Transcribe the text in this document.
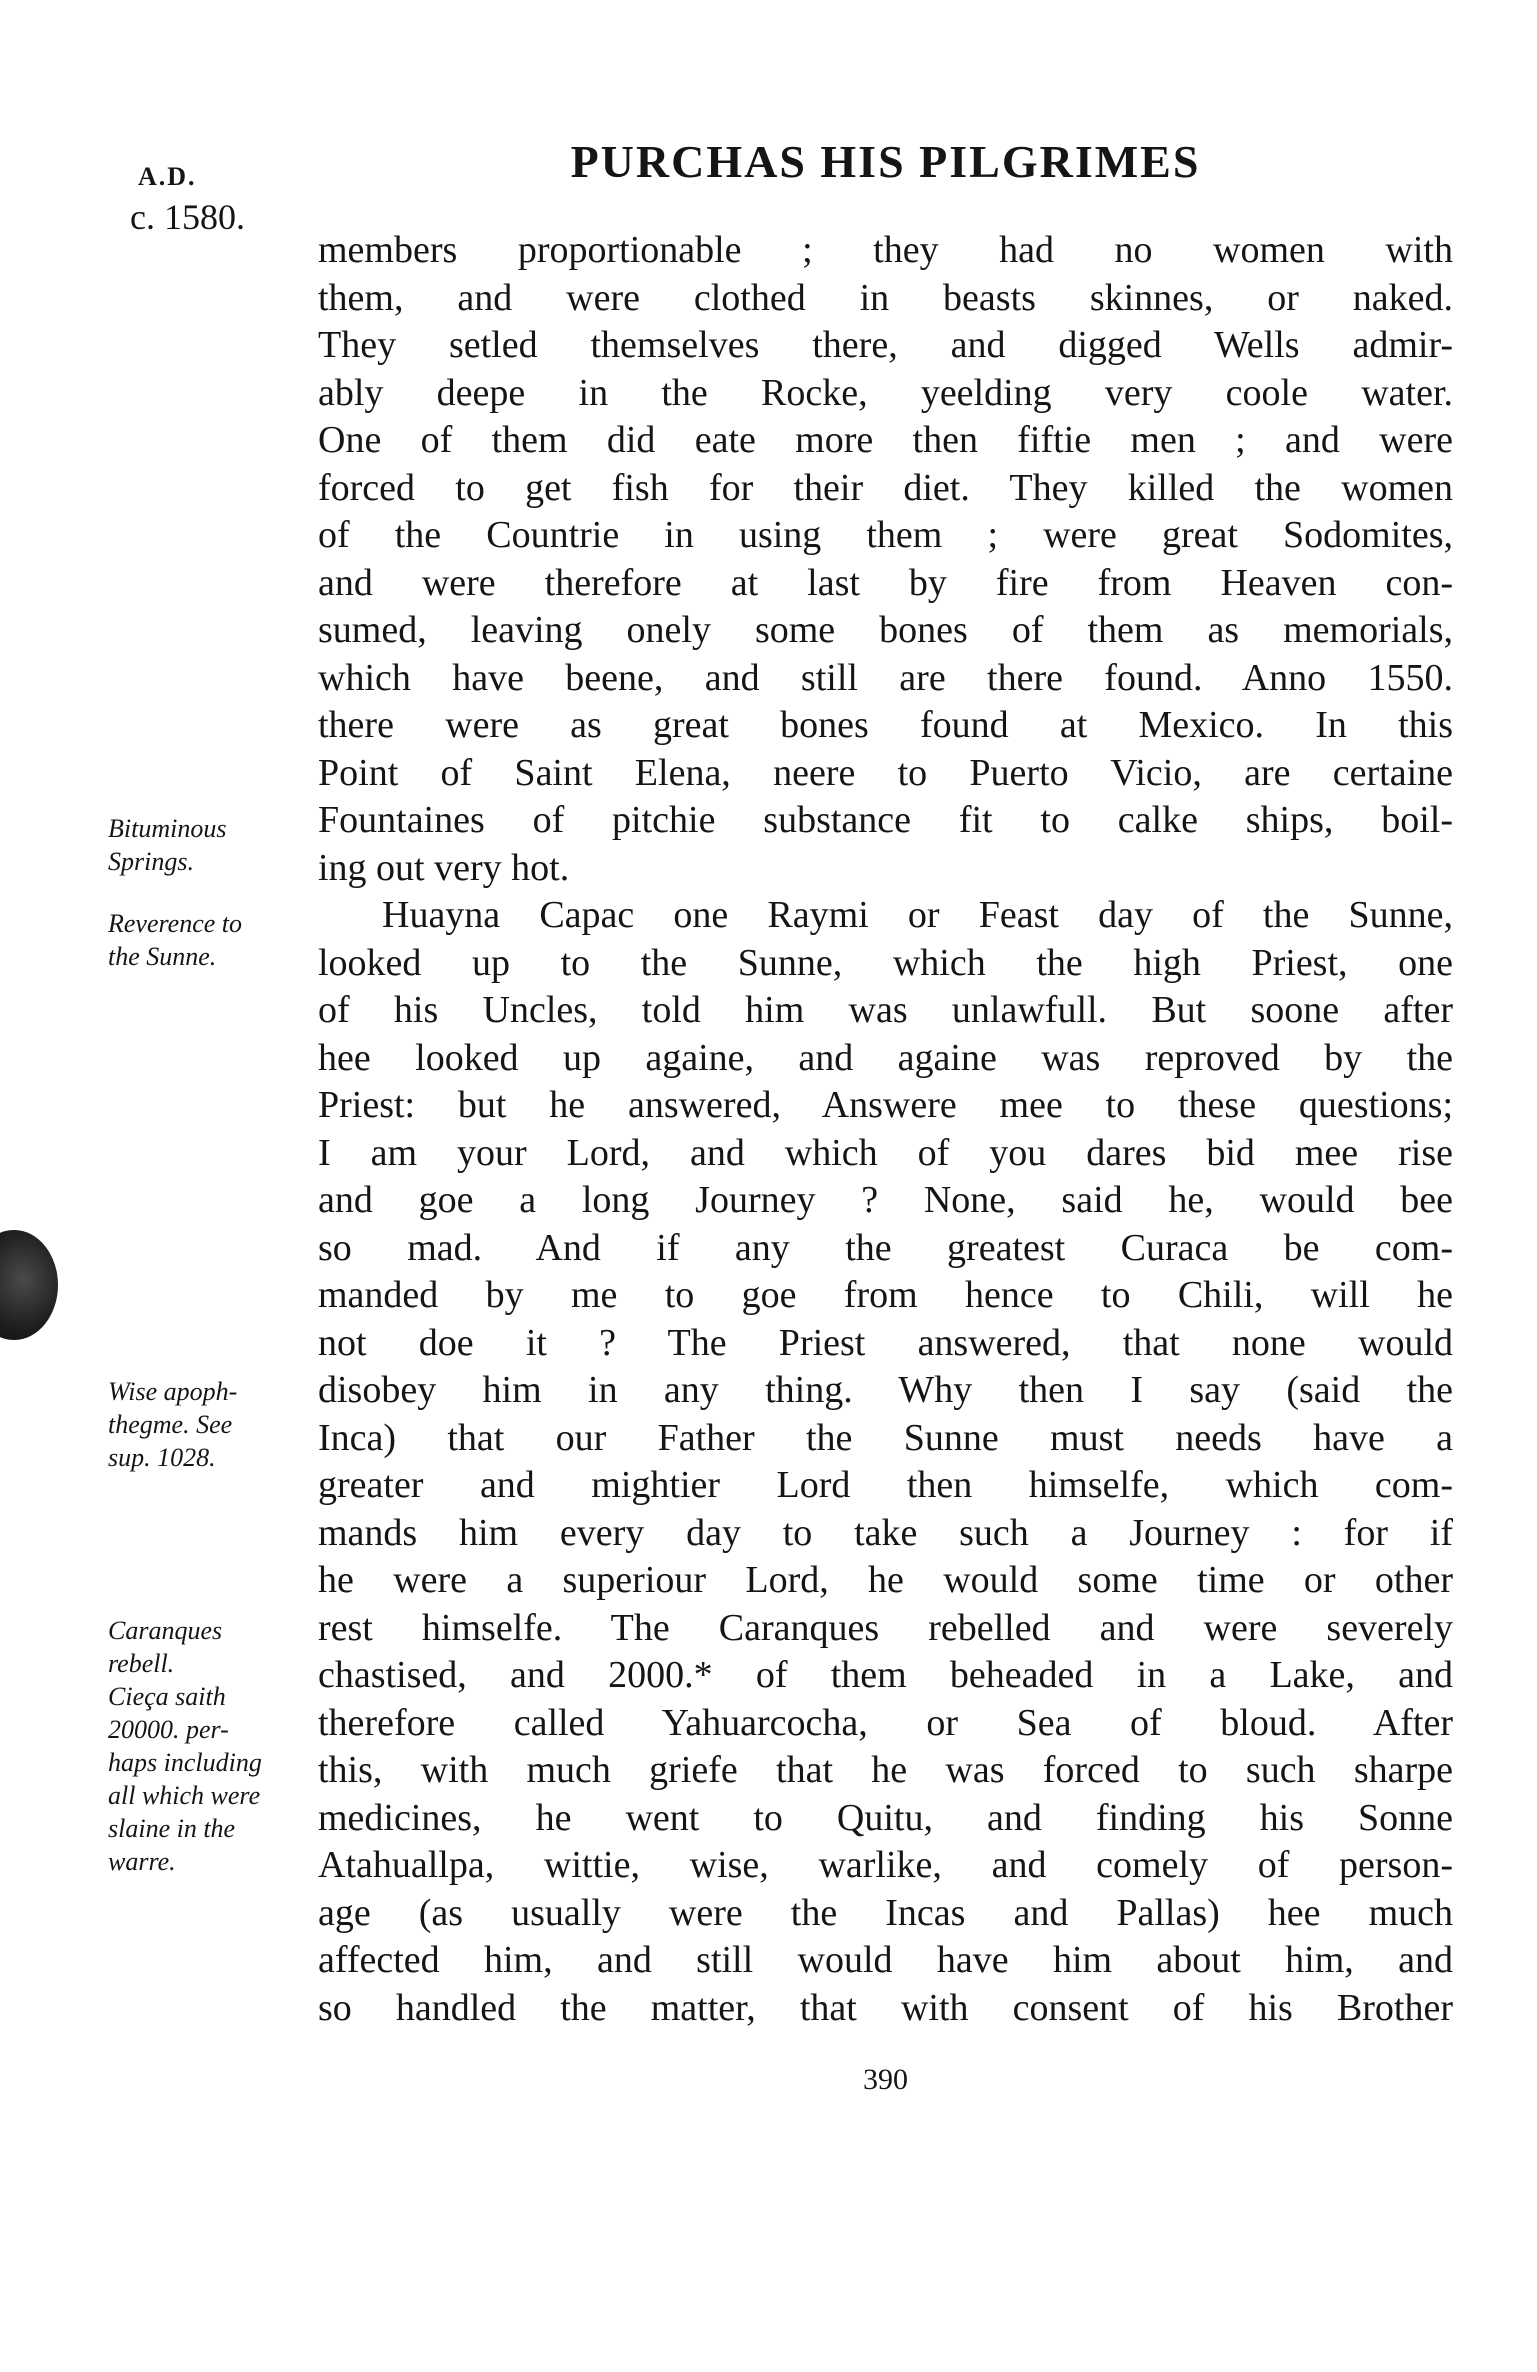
A.D.
c. 1580.
PURCHAS HIS PILGRIMES
members proportionable ; they had no women with
them, and were clothed in beasts skinnes, or naked.
They setled themselves there, and digged Wells admir-
ably deepe in the Rocke, yeelding very coole water.
One of them did eate more then fiftie men ; and were
forced to get fish for their diet. They killed the women
of the Countrie in using them ; were great Sodomites,
and were therefore at last by fire from Heaven con-
sumed, leaving onely some bones of them as memorials,
which have beene, and still are there found. Anno 1550.
there were as great bones found at Mexico. In this
Point of Saint Elena, neere to Puerto Vicio, are certaine
Fountaines of pitchie substance fit to calke ships, boil-
ing out very hot.
Huayna Capac one Raymi or Feast day of the Sunne,
looked up to the Sunne, which the high Priest, one
of his Uncles, told him was unlawfull. But soone after
hee looked up againe, and againe was reproved by the
Priest: but he answered, Answere mee to these questions;
I am your Lord, and which of you dares bid mee rise
and goe a long Journey ? None, said he, would bee
so mad. And if any the greatest Curaca be com-
manded by me to goe from hence to Chili, will he
not doe it ? The Priest answered, that none would
disobey him in any thing. Why then I say (said the
Inca) that our Father the Sunne must needs have a
greater and mightier Lord then himselfe, which com-
mands him every day to take such a Journey : for if
he were a superiour Lord, he would some time or other
rest himselfe. The Caranques rebelled and were severely
chastised, and 2000.* of them beheaded in a Lake, and
therefore called Yahuarcocha, or Sea of bloud. After
this, with much griefe that he was forced to such sharpe
medicines, he went to Quitu, and finding his Sonne
Atahuallpa, wittie, wise, warlike, and comely of person-
age (as usually were the Incas and Pallas) hee much
affected him, and still would have him about him, and
so handled the matter, that with consent of his Brother
Bituminous
Springs.
Reverence to
the Sunne.
Wise apoph-
thegme. See
sup. 1028.
Caranques
rebell.
Cieça saith
20000. per-
haps including
all which were
slaine in the
warre.
390
